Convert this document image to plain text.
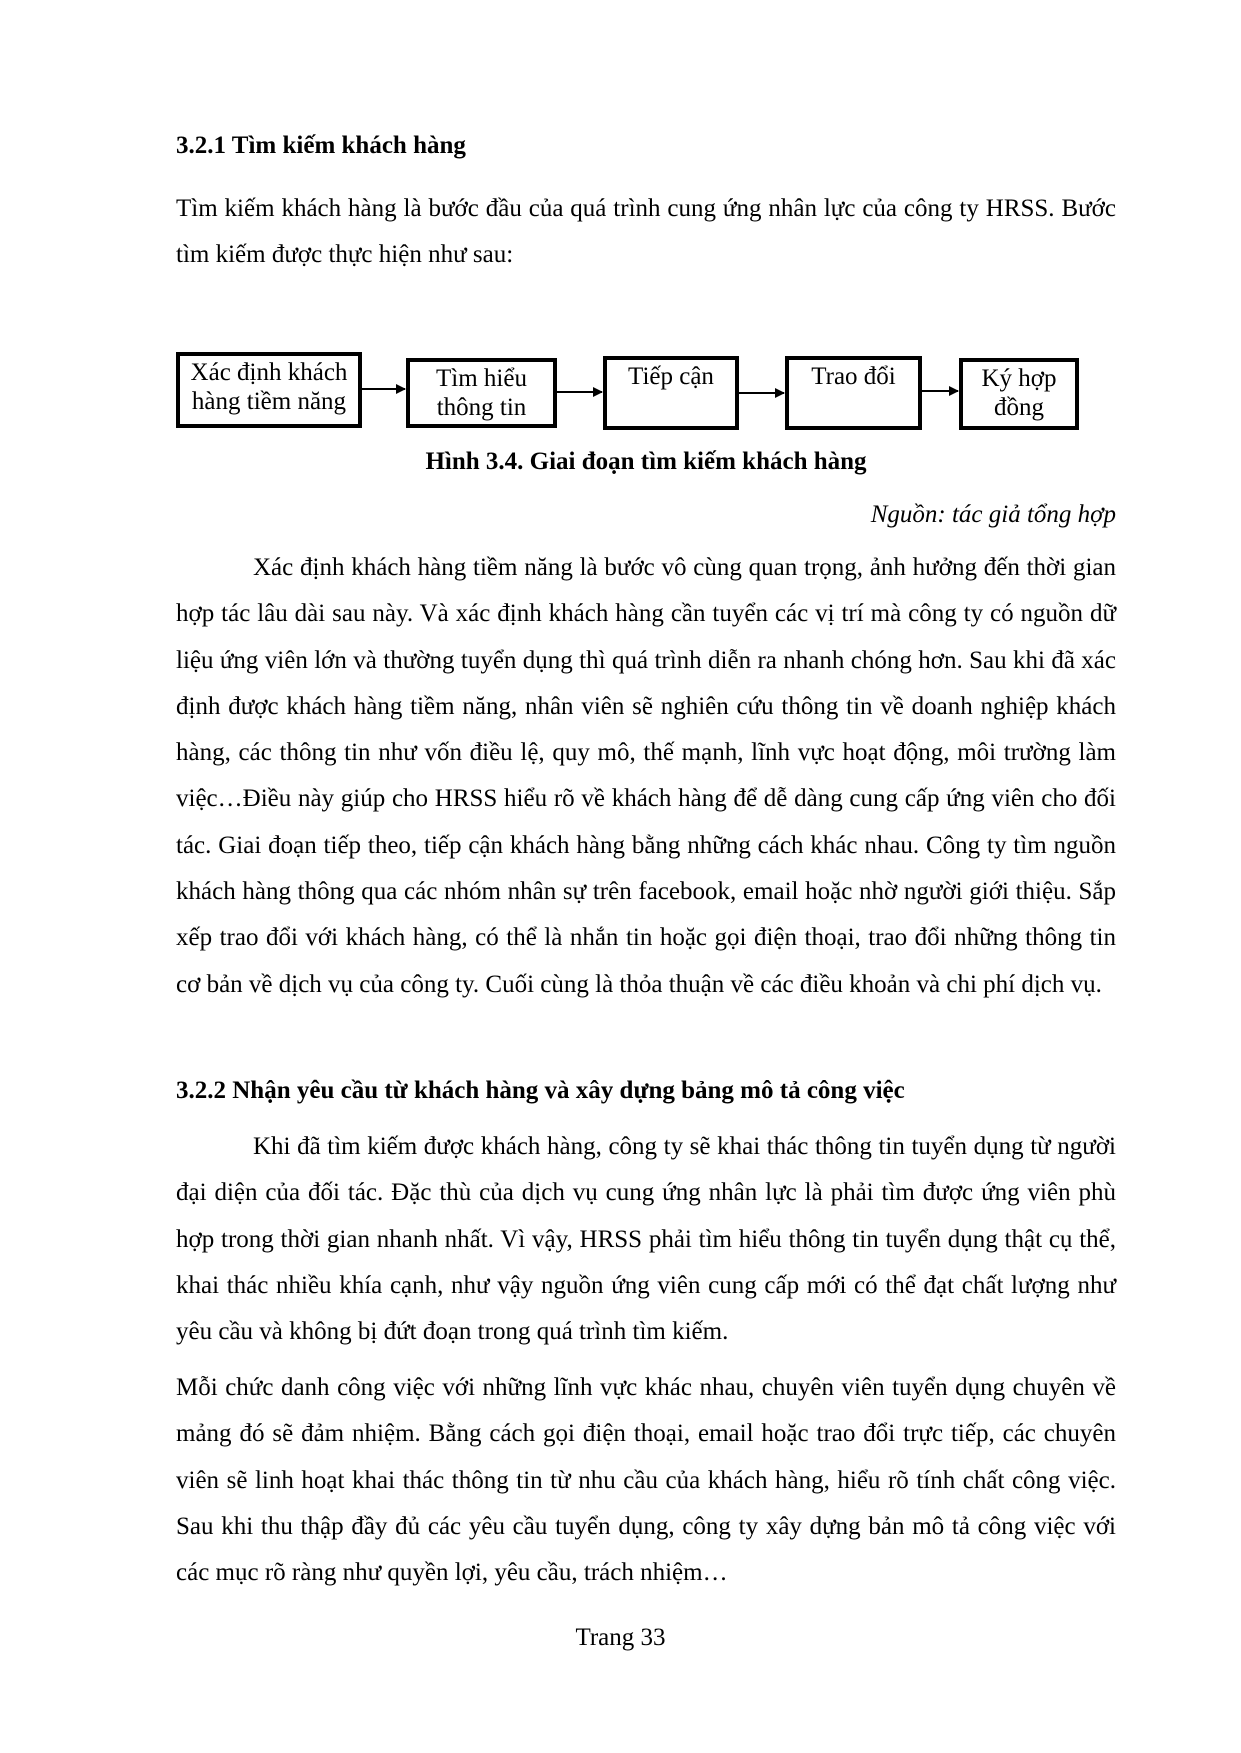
3.2.1 Tìm kiếm khách hàng

Tìm kiếm khách hàng là bước đầu của quá trình cung ứng nhân lực của công ty HRSS. Bước tìm kiếm được thực hiện như sau:

Xác định khách hàng tiềm năng
Tìm hiểu thông tin
Tiếp cận	Trao đổi	Ký hợp đồng

Hình 3.4. Giai đoạn tìm kiếm khách hàng

Nguồn: tác giả tổng hợp

Xác định khách hàng tiềm năng là bước vô cùng quan trọng, ảnh hưởng đến thời gian hợp tác lâu dài sau này. Và xác định khách hàng cần tuyển các vị trí mà công ty có nguồn dữ liệu ứng viên lớn và thường tuyển dụng thì quá trình diễn ra nhanh chóng hơn. Sau khi đã xác định được khách hàng tiềm năng, nhân viên sẽ nghiên cứu thông tin về doanh nghiệp khách hàng, các thông tin như vốn điều lệ, quy mô, thế mạnh, lĩnh vực hoạt động, môi trường làm việc…Điều này giúp cho HRSS hiểu rõ về khách hàng để dễ dàng cung cấp ứng viên cho đối tác. Giai đoạn tiếp theo, tiếp cận khách hàng bằng những cách khác nhau. Công ty tìm nguồn khách hàng thông qua các nhóm nhân sự trên facebook, email hoặc nhờ người giới thiệu. Sắp xếp trao đổi với khách hàng, có thể là nhắn tin hoặc gọi điện thoại, trao đổi những thông tin cơ bản về dịch vụ của công ty. Cuối cùng là thỏa thuận về các điều khoản và chi phí dịch vụ.

3.2.2 Nhận yêu cầu từ khách hàng và xây dựng bảng mô tả công việc

Khi đã tìm kiếm được khách hàng, công ty sẽ khai thác thông tin tuyển dụng từ người đại diện của đối tác. Đặc thù của dịch vụ cung ứng nhân lực là phải tìm được ứng viên phù hợp trong thời gian nhanh nhất. Vì vậy, HRSS phải tìm hiểu thông tin tuyển dụng thật cụ thể, khai thác nhiều khía cạnh, như vậy nguồn ứng viên cung cấp mới có thể đạt chất lượng như yêu cầu và không bị đứt đoạn trong quá trình tìm kiếm.

Mỗi chức danh công việc với những lĩnh vực khác nhau, chuyên viên tuyển dụng chuyên về mảng đó sẽ đảm nhiệm. Bằng cách gọi điện thoại, email hoặc trao đổi trực tiếp, các chuyên viên sẽ linh hoạt khai thác thông tin từ nhu cầu của khách hàng, hiểu rõ tính chất công việc. Sau khi thu thập đầy đủ các yêu cầu tuyển dụng, công ty xây dựng bản mô tả công việc với các mục rõ ràng như quyền lợi, yêu cầu, trách nhiệm…

Trang 33
